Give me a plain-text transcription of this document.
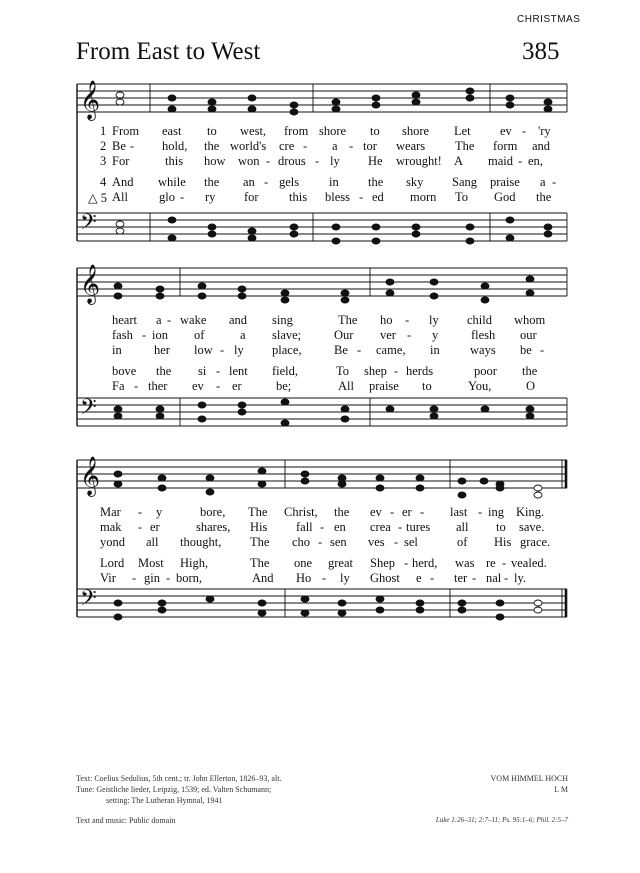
CHRISTMAS
From East to West	385
𝄞
𝄢
𝄞
𝄢
𝄞
𝄢
1 From east to west, from shore to shore Let ev - 'ry
2 Be - hold, the world's cre - a - tor wears The form and
3 For	this how won - drous - ly He wrought! A maid - en,
4 And while the an - gels in the sky Sang praise a -
△ 5 All glo - ry for this bless - ed morn To God the
heart a - wake and sing	The ho - ly child whom
fash - ion of	a slave;	Our ver - y	flesh our
in	her low - ly place,	Be - came, in ways be -
bove the si - lent field,	To shep - herds	poor the
Fa - ther ev - er	be;	All praise to	You,	O
Mar - y	bore, The Christ, the ev - er - last - ing King.
mak - er	shares, His fall - en crea - tures all to save.
yond all thought, The cho - sen ves - sel	of His grace.
Lord Most High,	The one great Shep - herd, was re - vealed.
Vir - gin - born,	And Ho - ly Ghost e - ter - nal - ly.
Text: Coelius Sedulius, 5th cent.; tr. John Ellerton, 1826–93, alt.
Tune: Geistliche lieder, Leipzig, 1539; ed. Valten Schumann;
setting: The Lutheran Hymnal, 1941
VOM HIMMEL HOCH
L M
Text and music: Public domain	Luke 1:26–31; 2:7–11; Ps. 95:1–6; Phil. 2:5–7
